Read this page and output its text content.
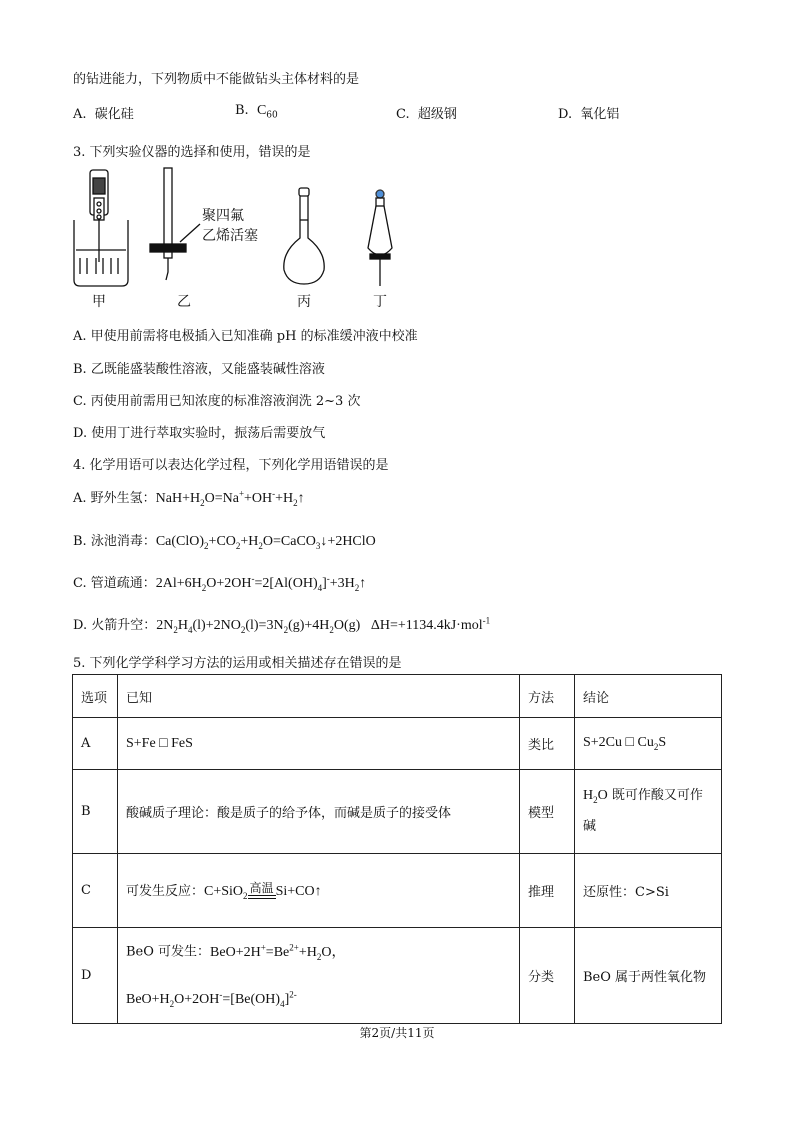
的钻进能力，下列物质中不能做钻头主体材料的是
A. 碳化硅	B. $C_{60}$	C. 超级钢	D. 氧化铝
3. 下列实验仪器的选择和使用，错误的是
甲
聚四氟
乙烯活塞
乙	丙	丁
A. 甲使用前需将电极插入已知准确 pH 的标准缓冲液中校准
B. 乙既能盛装酸性溶液，又能盛装碱性溶液
C. 丙使用前需用已知浓度的标准溶液润洗 2~3 次
D. 使用丁进行萃取实验时，振荡后需要放气
4. 化学用语可以表达化学过程，下列化学用语错误的是
A. 野外生氢：$NaH+H_2O=Na^++OH^-+H_2↑$
B. 泳池消毒：$Ca(ClO)_2+CO_2+H_2O=CaCO_3↓+2HClO$
C. 管道疏通：$2Al+6H_2O+2OH^-=2[Al(OH)_4]^-+3H_2↑$
D. 火箭升空：$2N_2H_4(l)+2NO_2(l)=3N_2(g)+4H_2O(g)$   ΔH=+1134.4kJ·mol$^{-1}$
5. 下列化学学科学习方法的运用或相关描述存在错误的是
选项	已知	方法	结论
A	S+Fe □ FeS	类比	S+2Cu □ $Cu_2S$
B	酸碱质子理论：酸是质子的给予体，而碱是质子的接受体	模型	$H_2O$ 既可作酸又可作
碱
C	可发生反应：C+SiO$_2$
高温 Si+CO↑	推理	还原性：C>Si
D	BeO 可发生：$BeO+2H^+=Be^{2+}+H_2O$，
$BeO+H_2O+2OH^-=[Be(OH)_4]^{2-}$	分类	BeO 属于两性氧化物
第2页/共11页
